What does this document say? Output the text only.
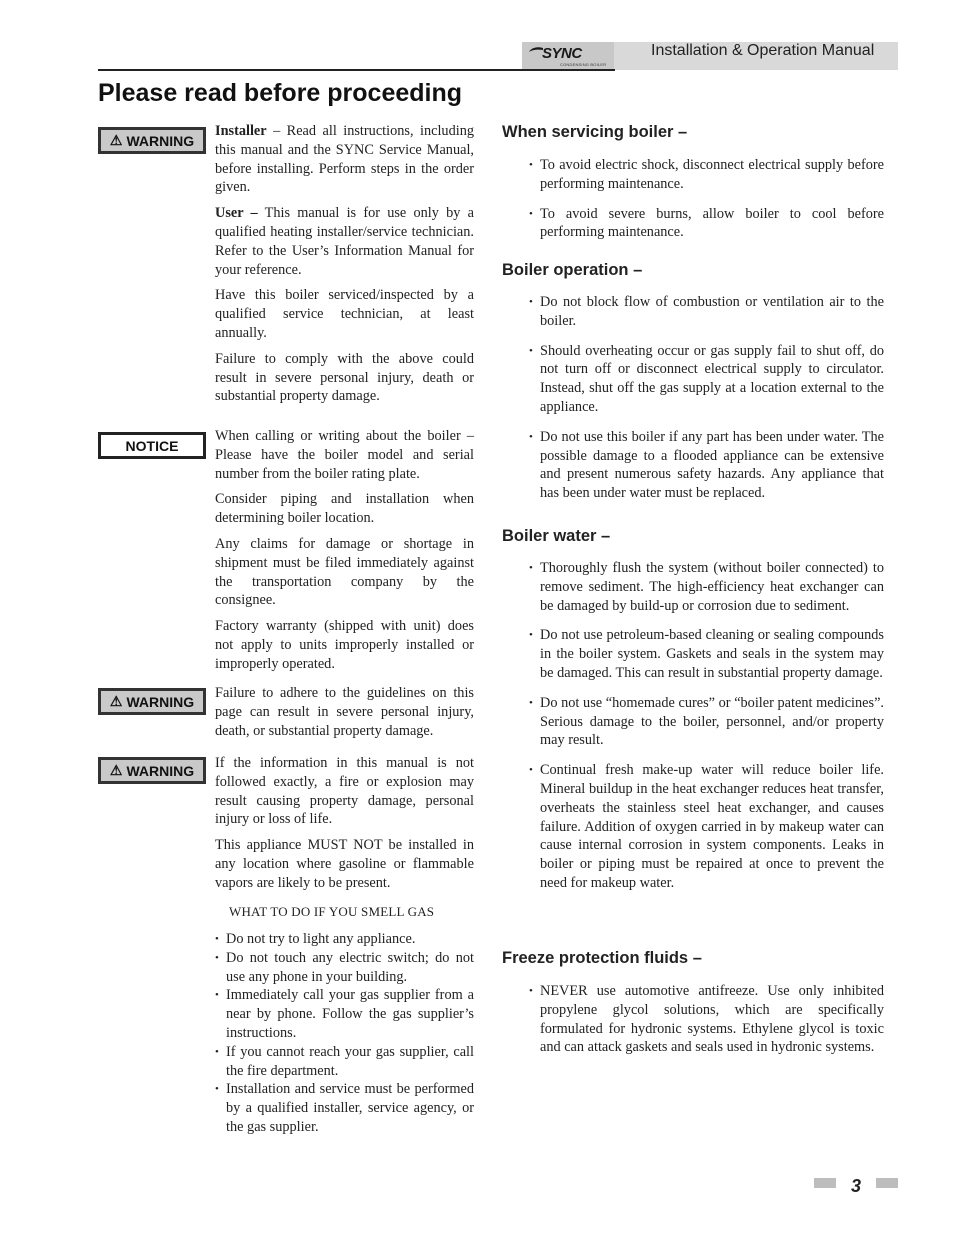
SYNC
CONDENSING BOILER
Installation & Operation Manual
Please read before proceeding
⚠ WARNING
NOTICE
⚠ WARNING
⚠ WARNING

Installer – Read all instructions, including this manual and the SYNC Service Manual, before installing. Perform steps in the order given.

User – This manual is for use only by a qualified heating installer/service technician. Refer to the User’s Information Manual for your reference.

Have this boiler serviced/inspected by a qualified service technician, at least annually.

Failure to comply with the above could result in severe personal injury, death or substantial property damage.

When calling or writing about the boiler – Please have the boiler model and serial number from the boiler rating plate.

Consider piping and installation when determining boiler location.

Any claims for damage or shortage in shipment must be filed immediately against the transportation company by the consignee.

Factory warranty (shipped with unit) does not apply to units improperly installed or improperly operated.

Failure to adhere to the guidelines on this page can result in severe personal injury, death, or substantial property damage.

If the information in this manual is not followed exactly, a fire or explosion may result causing property damage, personal injury or loss of life.

This appliance MUST NOT be installed in any location where gasoline or flammable vapors are likely to be present.

WHAT TO DO IF YOU SMELL GAS
• Do not try to light any appliance.
• Do not touch any electric switch; do not use any phone in your building.
• Immediately call your gas supplier from a near by phone. Follow the gas supplier’s instructions.
• If you cannot reach your gas supplier, call the fire department.
• Installation and service must be performed by a qualified installer, service agency, or the gas supplier.
When servicing boiler –
• To avoid electric shock, disconnect electrical supply before performing maintenance.
• To avoid severe burns, allow boiler to cool before performing maintenance.
Boiler operation –
• Do not block flow of combustion or ventilation air to the boiler.
• Should overheating occur or gas supply fail to shut off, do not turn off or disconnect electrical supply to circulator. Instead, shut off the gas supply at a location external to the appliance.
• Do not use this boiler if any part has been under water. The possible damage to a flooded appliance can be extensive and present numerous safety hazards. Any appliance that has been under water must be replaced.
Boiler water –
• Thoroughly flush the system (without boiler connected) to remove sediment. The high-efficiency heat exchanger can be damaged by build-up or corrosion due to sediment.
• Do not use petroleum-based cleaning or sealing compounds in the boiler system. Gaskets and seals in the system may be damaged. This can result in substantial property damage.
• Do not use “homemade cures” or “boiler patent medicines”. Serious damage to the boiler, personnel, and/or property may result.
• Continual fresh make-up water will reduce boiler life. Mineral buildup in the heat exchanger reduces heat transfer, overheats the stainless steel heat exchanger, and causes failure. Addition of oxygen carried in by makeup water can cause internal corrosion in system components. Leaks in boiler or piping must be repaired at once to prevent the need for makeup water.
Freeze protection fluids –
• NEVER use automotive antifreeze. Use only inhibited propylene glycol solutions, which are specifically formulated for hydronic systems. Ethylene glycol is toxic and can attack gaskets and seals used in hydronic systems.
3
